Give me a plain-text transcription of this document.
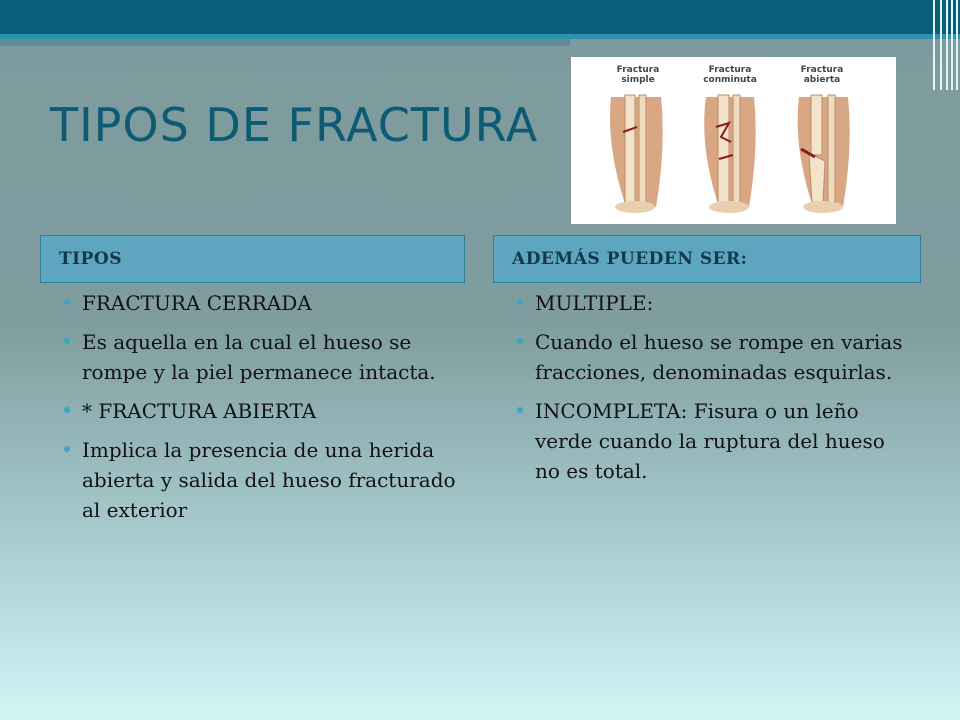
TIPOS DE FRACTURA
Fractura
simple
Fractura
conminuta
Fractura
abierta
TIPOS	ADEMÁS PUEDEN SER:
FRACTURA CERRADA
Es aquella en la cual el hueso se rompe y la piel permanece intacta.
* FRACTURA ABIERTA
Implica la presencia de una herida abierta y salida del hueso fracturado al exterior
MULTIPLE:
Cuando el hueso se rompe en varias fracciones, denominadas esquirlas.
INCOMPLETA: Fisura o un leño verde cuando la ruptura del hueso no es total.
